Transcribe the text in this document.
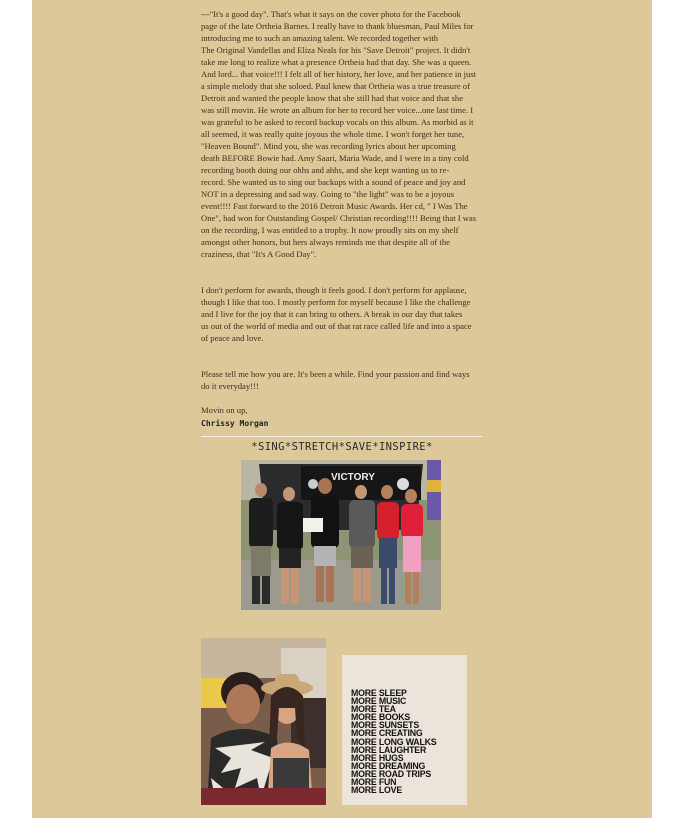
---"It's a good day". That's what it says on the cover photo for the Facebook
page of the late Ortheia Barnes. I really have to thank bluesman, Paul Miles for
introducing me to such an amazing talent. We recorded together with
The Original Vandellas and Eliza Neals for his "Save Detroit" project. It didn't
take me long to realize what a presence Ortheia had that day. She was a queen.
And lord... that voice!!! I felt all of her history, her love, and her patience in just
a simple melody that she soloed. Paul knew that Ortheia was a true treasure of
Detroit and wanted the people know that she still had that voice and that she
was still movin. He wrote an album for her to record her voice...one last time. I
was grateful to be asked to record backup vocals on this album. As morbid as it
all seemed, it was really quite joyous the whole time. I won't forget her tune,
"Heaven Bound". Mind you, she was recording lyrics about her upcoming
death BEFORE Bowie had. Amy Saari, Maria Wade, and I were in a tiny cold
recording booth doing our ohhs and ahhs, and she kept wanting us to re-
record. She wanted us to sing our backups with a sound of peace and joy and
NOT in a depressing and sad way. Going to "the light" was to be a joyous
event!!!! Fast forward to the 2016 Detroit Music Awards. Her cd, " I Was The
One", had won for Outstanding Gospel/ Christian recording!!!! Being that I was
on the recording, I was entitled to a trophy. It now proudly sits on my shelf
amongst other honors, but hers always reminds me that despite all of the
craziness, that "It's A Good Day".

I don't perform for awards, though it feels good. I don't perform for applause,
though I like that too. I mostly perform for myself because I like the challenge
and I live for the joy that it can bring to others. A break in our day that takes
us out of the world of media and out of that rat race called life and into a space
of peace and love.

Please tell me how you are. It's been a while. Find your passion and find ways
do it everyday!!!

Movin on up,

Chrissy Morgan

*SING*STRETCH*SAVE*INSPIRE*
VICTORY
MORE SLEEP
MORE MUSIC
MORE TEA
MORE BOOKS
MORE SUNSETS
MORE CREATING
MORE LONG WALKS
MORE LAUGHTER
MORE HUGS
MORE DREAMING
MORE ROAD TRIPS
MORE FUN
MORE LOVE
